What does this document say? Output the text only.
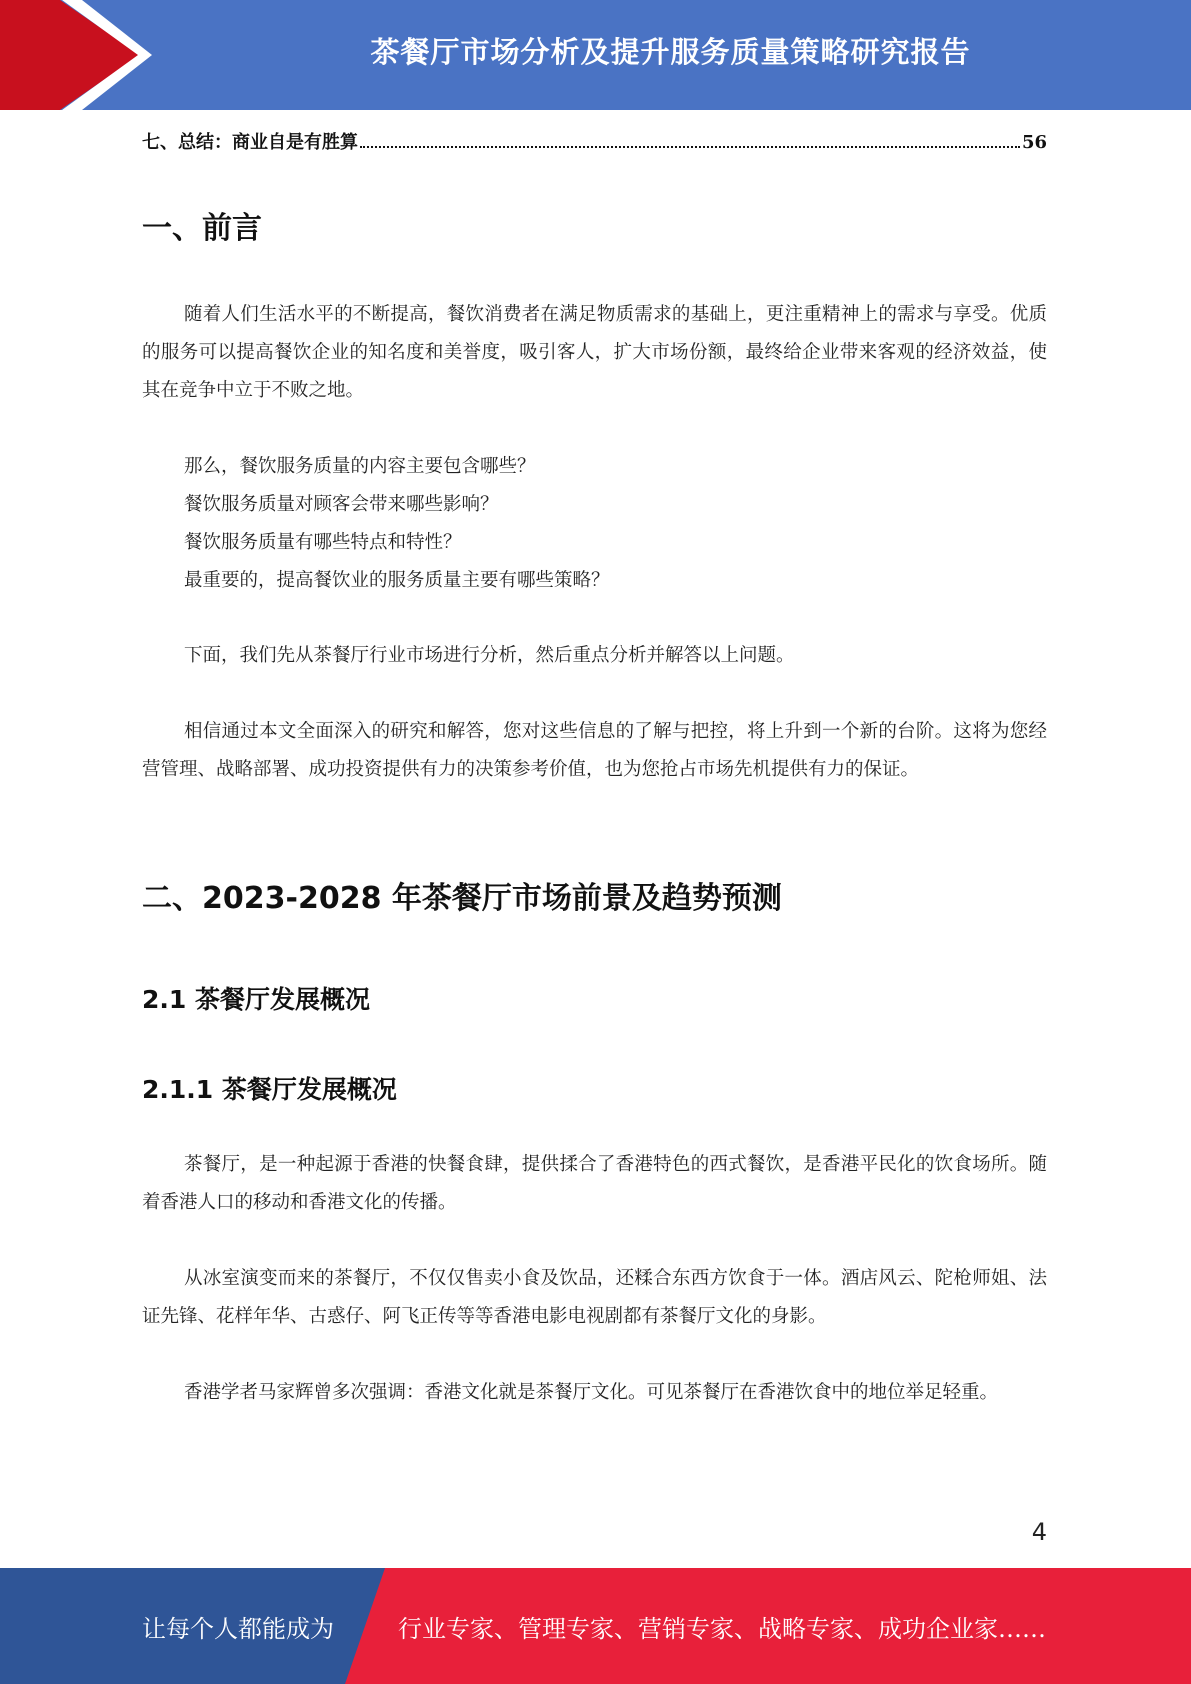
茶餐厅市场分析及提升服务质量策略研究报告
七、总结：商业自是有胜算	56
一、前言

随着人们生活水平的不断提高，餐饮消费者在满足物质需求的基础上，更注重精神上的需求与享受。优质的服务可以提高餐饮企业的知名度和美誉度，吸引客人，扩大市场份额，最终给企业带来客观的经济效益，使其在竞争中立于不败之地。

那么，餐饮服务质量的内容主要包含哪些？
餐饮服务质量对顾客会带来哪些影响？
餐饮服务质量有哪些特点和特性？
最重要的，提高餐饮业的服务质量主要有哪些策略？

下面，我们先从茶餐厅行业市场进行分析，然后重点分析并解答以上问题。

相信通过本文全面深入的研究和解答，您对这些信息的了解与把控，将上升到一个新的台阶。这将为您经营管理、战略部署、成功投资提供有力的决策参考价值，也为您抢占市场先机提供有力的保证。

二、2023-2028 年茶餐厅市场前景及趋势预测
2.1 茶餐厅发展概况
2.1.1 茶餐厅发展概况

茶餐厅，是一种起源于香港的快餐食肆，提供揉合了香港特色的西式餐饮，是香港平民化的饮食场所。随着香港人口的移动和香港文化的传播。

从冰室演变而来的茶餐厅，不仅仅售卖小食及饮品，还糅合东西方饮食于一体。酒店风云、陀枪师姐、法证先锋、花样年华、古惑仔、阿飞正传等等香港电影电视剧都有茶餐厅文化的身影。

香港学者马家辉曾多次强调：香港文化就是茶餐厅文化。可见茶餐厅在香港饮食中的地位举足轻重。

4
让每个人都能成为	行业专家、管理专家、营销专家、战略专家、成功企业家……
